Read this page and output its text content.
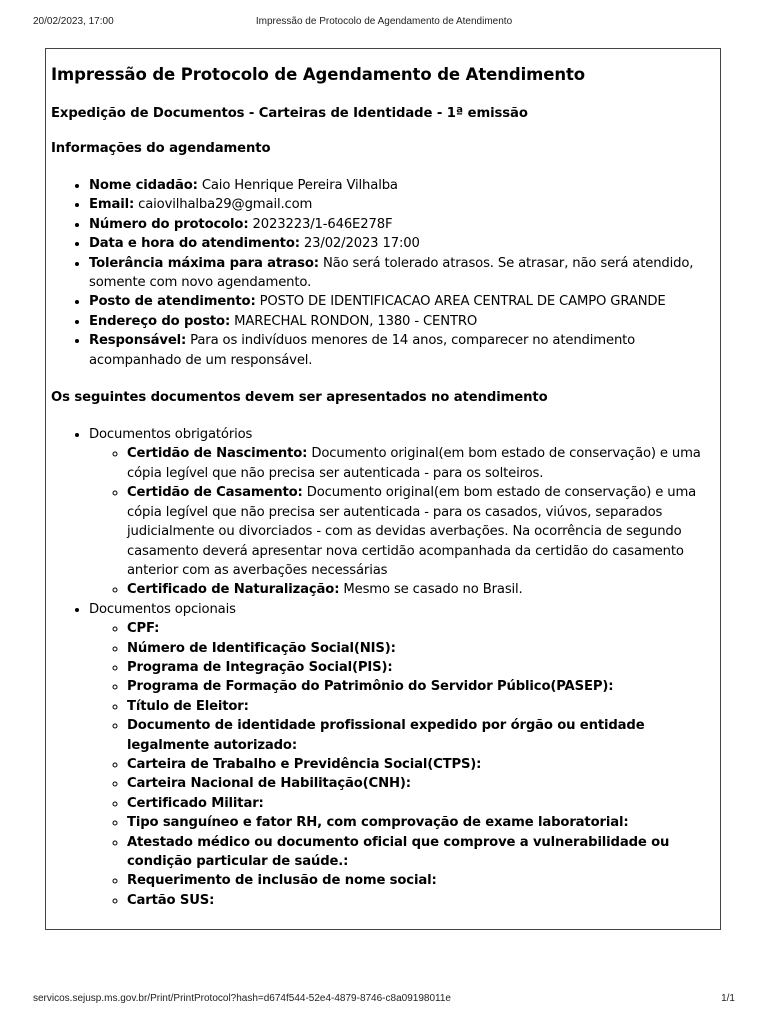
20/02/2023, 17:00	Impressão de Protocolo de Agendamento de Atendimento
Impressão de Protocolo de Agendamento de Atendimento
Expedição de Documentos - Carteiras de Identidade - 1ª emissão
Informações do agendamento
• Nome cidadão: Caio Henrique Pereira Vilhalba
• Email: caiovilhalba29@gmail.com
• Número do protocolo: 2023223/1-646E278F
• Data e hora do atendimento: 23/02/2023 17:00
• Tolerância máxima para atraso: Não será tolerado atrasos. Se atrasar, não será atendido, somente com novo agendamento.
• Posto de atendimento: POSTO DE IDENTIFICACAO AREA CENTRAL DE CAMPO GRANDE
• Endereço do posto: MARECHAL RONDON, 1380 - CENTRO
• Responsável: Para os indivíduos menores de 14 anos, comparecer no atendimento acompanhado de um responsável.
Os seguintes documentos devem ser apresentados no atendimento
• Documentos obrigatórios
◦ Certidão de Nascimento: Documento original(em bom estado de conservação) e uma cópia legível que não precisa ser autenticada - para os solteiros.
◦ Certidão de Casamento: Documento original(em bom estado de conservação) e uma cópia legível que não precisa ser autenticada - para os casados, viúvos, separados judicialmente ou divorciados - com as devidas averbações. Na ocorrência de segundo casamento deverá apresentar nova certidão acompanhada da certidão do casamento anterior com as averbações necessárias
◦ Certificado de Naturalização: Mesmo se casado no Brasil.
• Documentos opcionais
◦ CPF:
◦ Número de Identificação Social(NIS):
◦ Programa de Integração Social(PIS):
◦ Programa de Formação do Patrimônio do Servidor Público(PASEP):
◦ Título de Eleitor:
◦ Documento de identidade profissional expedido por órgão ou entidade legalmente autorizado:
◦ Carteira de Trabalho e Previdência Social(CTPS):
◦ Carteira Nacional de Habilitação(CNH):
◦ Certificado Militar:
◦ Tipo sanguíneo e fator RH, com comprovação de exame laboratorial:
◦ Atestado médico ou documento oficial que comprove a vulnerabilidade ou condição particular de saúde.:
◦ Requerimento de inclusão de nome social:
◦ Cartão SUS:
servicos.sejusp.ms.gov.br/Print/PrintProtocol?hash=d674f544-52e4-4879-8746-c8a09198011e	1/1
